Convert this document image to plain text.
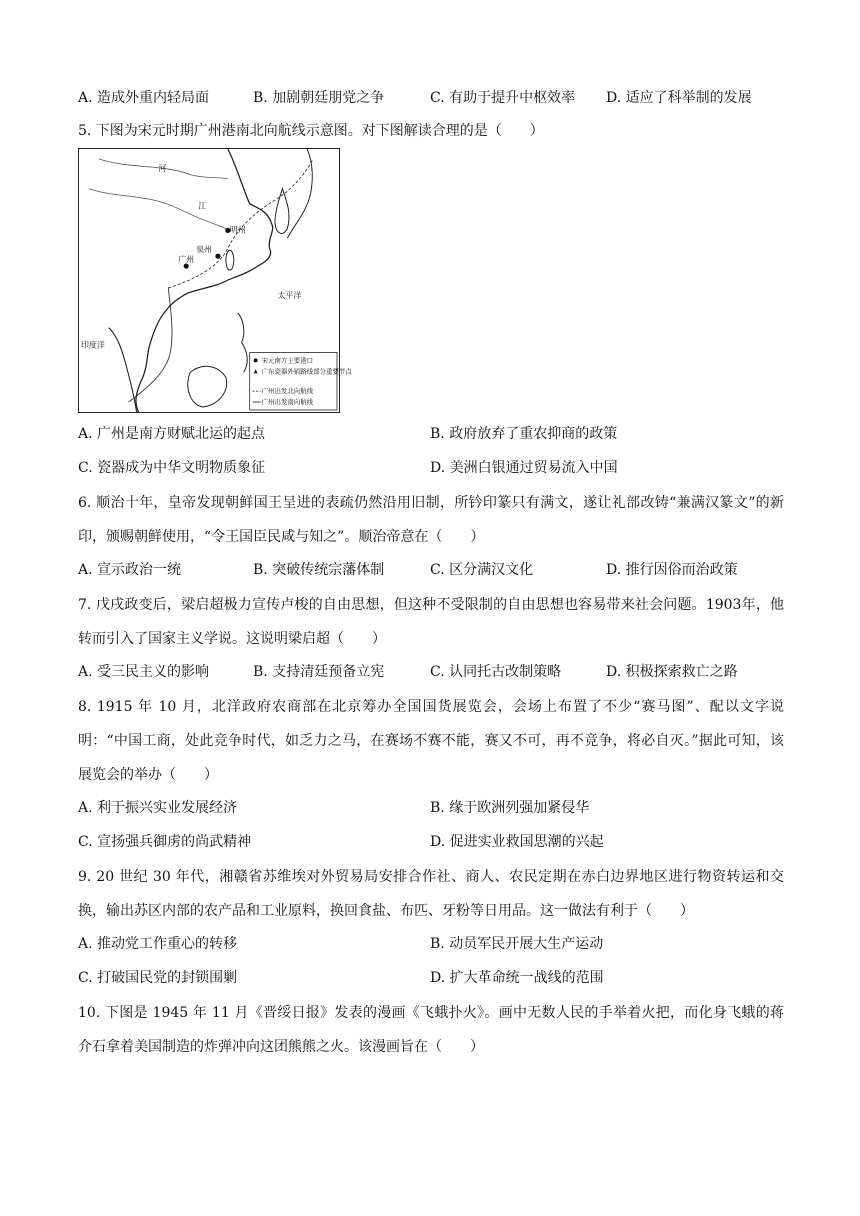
A. 造成外重内轻局面	B. 加剧朝廷朋党之争	C. 有助于提升中枢效率 D. 适应了科举制的发展
5. 下图为宋元时期广州港南北向航线示意图。对下图解读合理的是（　　）
明州
泉州
广州
江
河
太平洋
印度洋
宋元南方主要港口
广东瓷器外销路线部分重要节点
广州出发北向航线
广州出发南向航线
A. 广州是南方财赋北运的起点	B. 政府放弃了重农抑商的政策
C. 瓷器成为中华文明物质象征	D. 美洲白银通过贸易流入中国
6. 顺治十年，皇帝发现朝鲜国王呈进的表疏仍然沿用旧制，所钤印篆只有满文，遂让礼部改铸“兼满汉篆文”的新印，颁赐朝鲜使用，“令王国臣民咸与知之”。顺治帝意在（　　）
A. 宣示政治一统	B. 突破传统宗藩体制	C. 区分满汉文化	D. 推行因俗而治政策
7. 戊戌政变后，梁启超极力宣传卢梭的自由思想，但这种不受限制的自由思想也容易带来社会问题。1903年，他转而引入了国家主义学说。这说明梁启超（　　）
A. 受三民主义的影响	B. 支持清廷预备立宪	C. 认同托古改制策略	D. 积极探索救亡之路
8. 1915 年 10 月，北洋政府农商部在北京筹办全国国货展览会，会场上布置了不少“赛马图”、配以文字说明：“中国工商，处此竞争时代，如乏力之马，在赛场不赛不能，赛又不可，再不竞争，将必自灭。”据此可知，该展览会的举办（　　）
A. 利于振兴实业发展经济	B. 缘于欧洲列强加紧侵华
C. 宣扬强兵御虏的尚武精神	D. 促进实业救国思潮的兴起
9. 20 世纪 30 年代，湘赣省苏维埃对外贸易局安排合作社、商人、农民定期在赤白边界地区进行物资转运和交换，输出苏区内部的农产品和工业原料，换回食盐、布匹、牙粉等日用品。这一做法有利于（　　）
A. 推动党工作重心的转移	B. 动员军民开展大生产运动
C. 打破国民党的封锁围剿	D. 扩大革命统一战线的范围
10. 下图是 1945 年 11 月《晋绥日报》发表的漫画《飞蛾扑火》。画中无数人民的手举着火把，而化身飞蛾的蒋介石拿着美国制造的炸弹冲向这团熊熊之火。该漫画旨在（　　）
